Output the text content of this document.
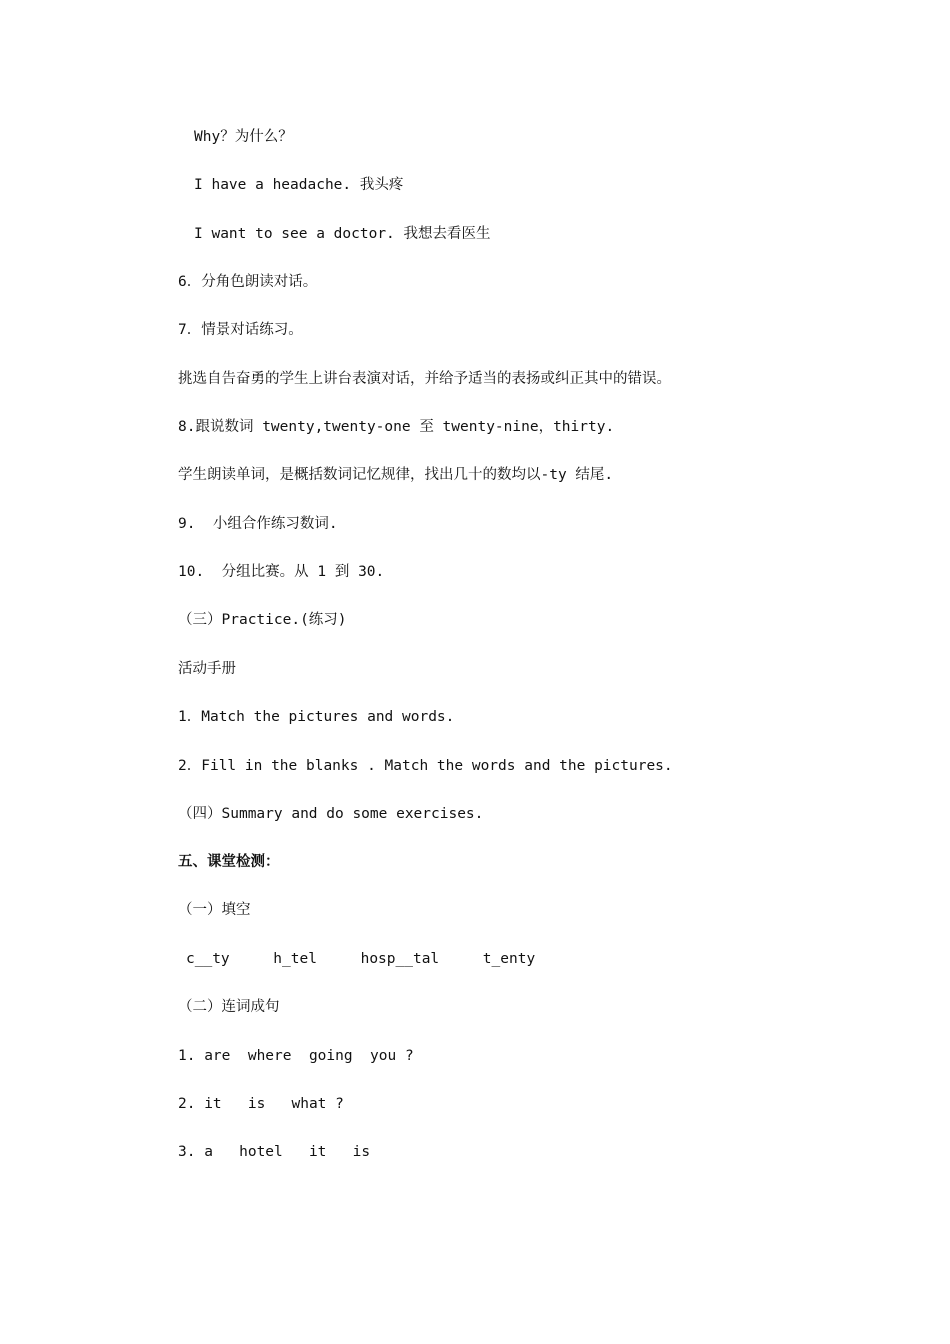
Why？为什么？
I have a headache. 我头疼
I want to see a doctor. 我想去看医生
6．分角色朗读对话。
7．情景对话练习。
挑选自告奋勇的学生上讲台表演对话，并给予适当的表扬或纠正其中的错误。
8.跟说数词 twenty,twenty-one 至 twenty-nine，thirty.
学生朗读单词，是概括数词记忆规律，找出几十的数均以-ty 结尾.
9.  小组合作练习数词.
10.  分组比赛。从 1 到 30.
（三）Practice.(练习)
活动手册
1．Match the pictures and words.
2．Fill in the blanks . Match the words and the pictures.
（四）Summary and do some exercises.
五、课堂检测：
（一）填空
c__ty     h_tel     hosp__tal     t_enty
（二）连词成句
1. are  where  going  you ?
2. it   is   what ?
3. a   hotel   it   is
